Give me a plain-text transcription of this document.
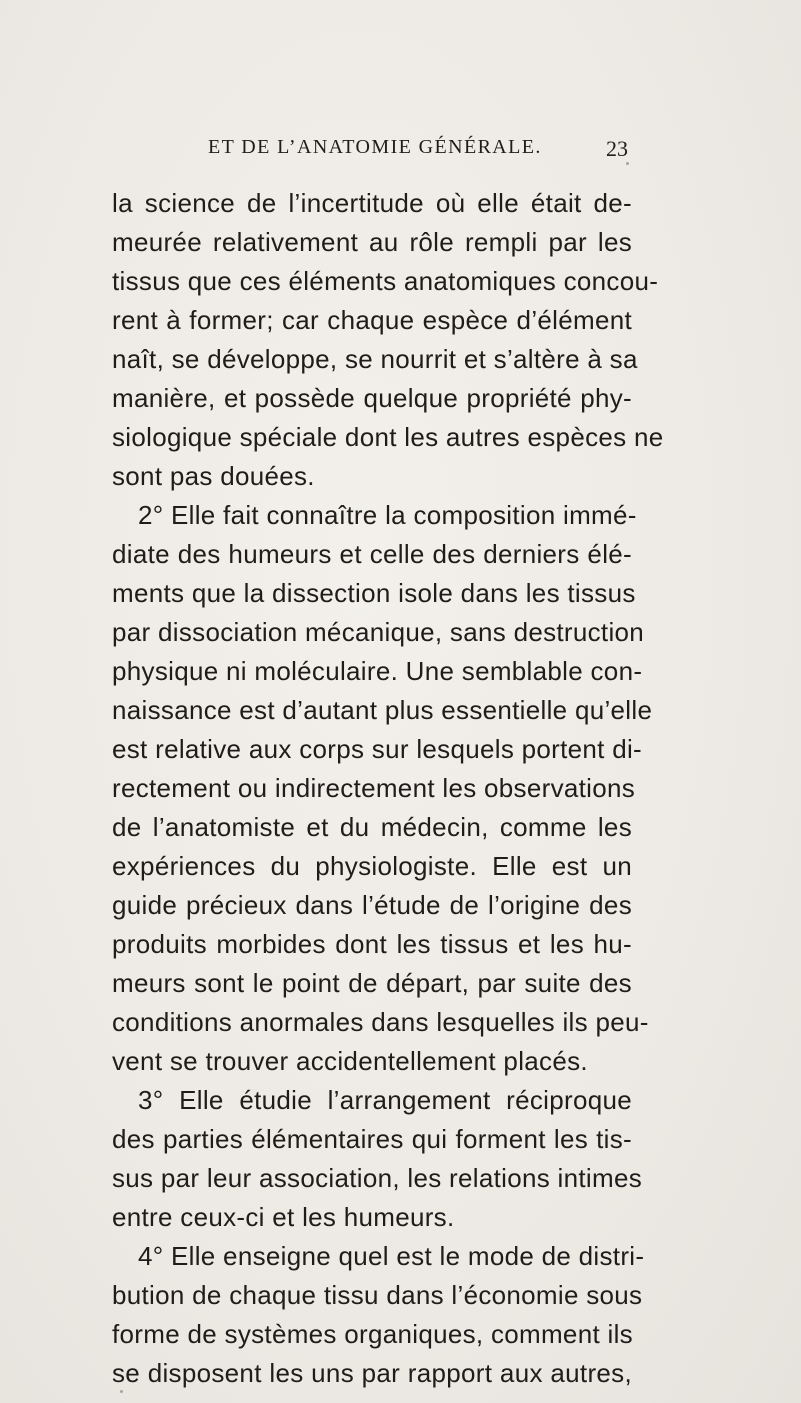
ET DE L’ANATOMIE GÉNÉRALE.	23
la science de l’incertitude où elle était de-
meurée relativement au rôle rempli par les
tissus que ces éléments anatomiques concou-
rent à former; car chaque espèce d’élément
naît, se développe, se nourrit et s’altère à sa
manière, et possède quelque propriété phy-
siologique spéciale dont les autres espèces ne
sont pas douées.
2° Elle fait connaître la composition immé-
diate des humeurs et celle des derniers élé-
ments que la dissection isole dans les tissus
par dissociation mécanique, sans destruction
physique ni moléculaire. Une semblable con-
naissance est d’autant plus essentielle qu’elle
est relative aux corps sur lesquels portent di-
rectement ou indirectement les observations
de l’anatomiste et du médecin, comme les
expériences du physiologiste. Elle est un
guide précieux dans l’étude de l’origine des
produits morbides dont les tissus et les hu-
meurs sont le point de départ, par suite des
conditions anormales dans lesquelles ils peu-
vent se trouver accidentellement placés.
3° Elle étudie l’arrangement réciproque
des parties élémentaires qui forment les tis-
sus par leur association, les relations intimes
entre ceux-ci et les humeurs.
4° Elle enseigne quel est le mode de distri-
bution de chaque tissu dans l’économie sous
forme de systèmes organiques, comment ils
se disposent les uns par rapport aux autres,
